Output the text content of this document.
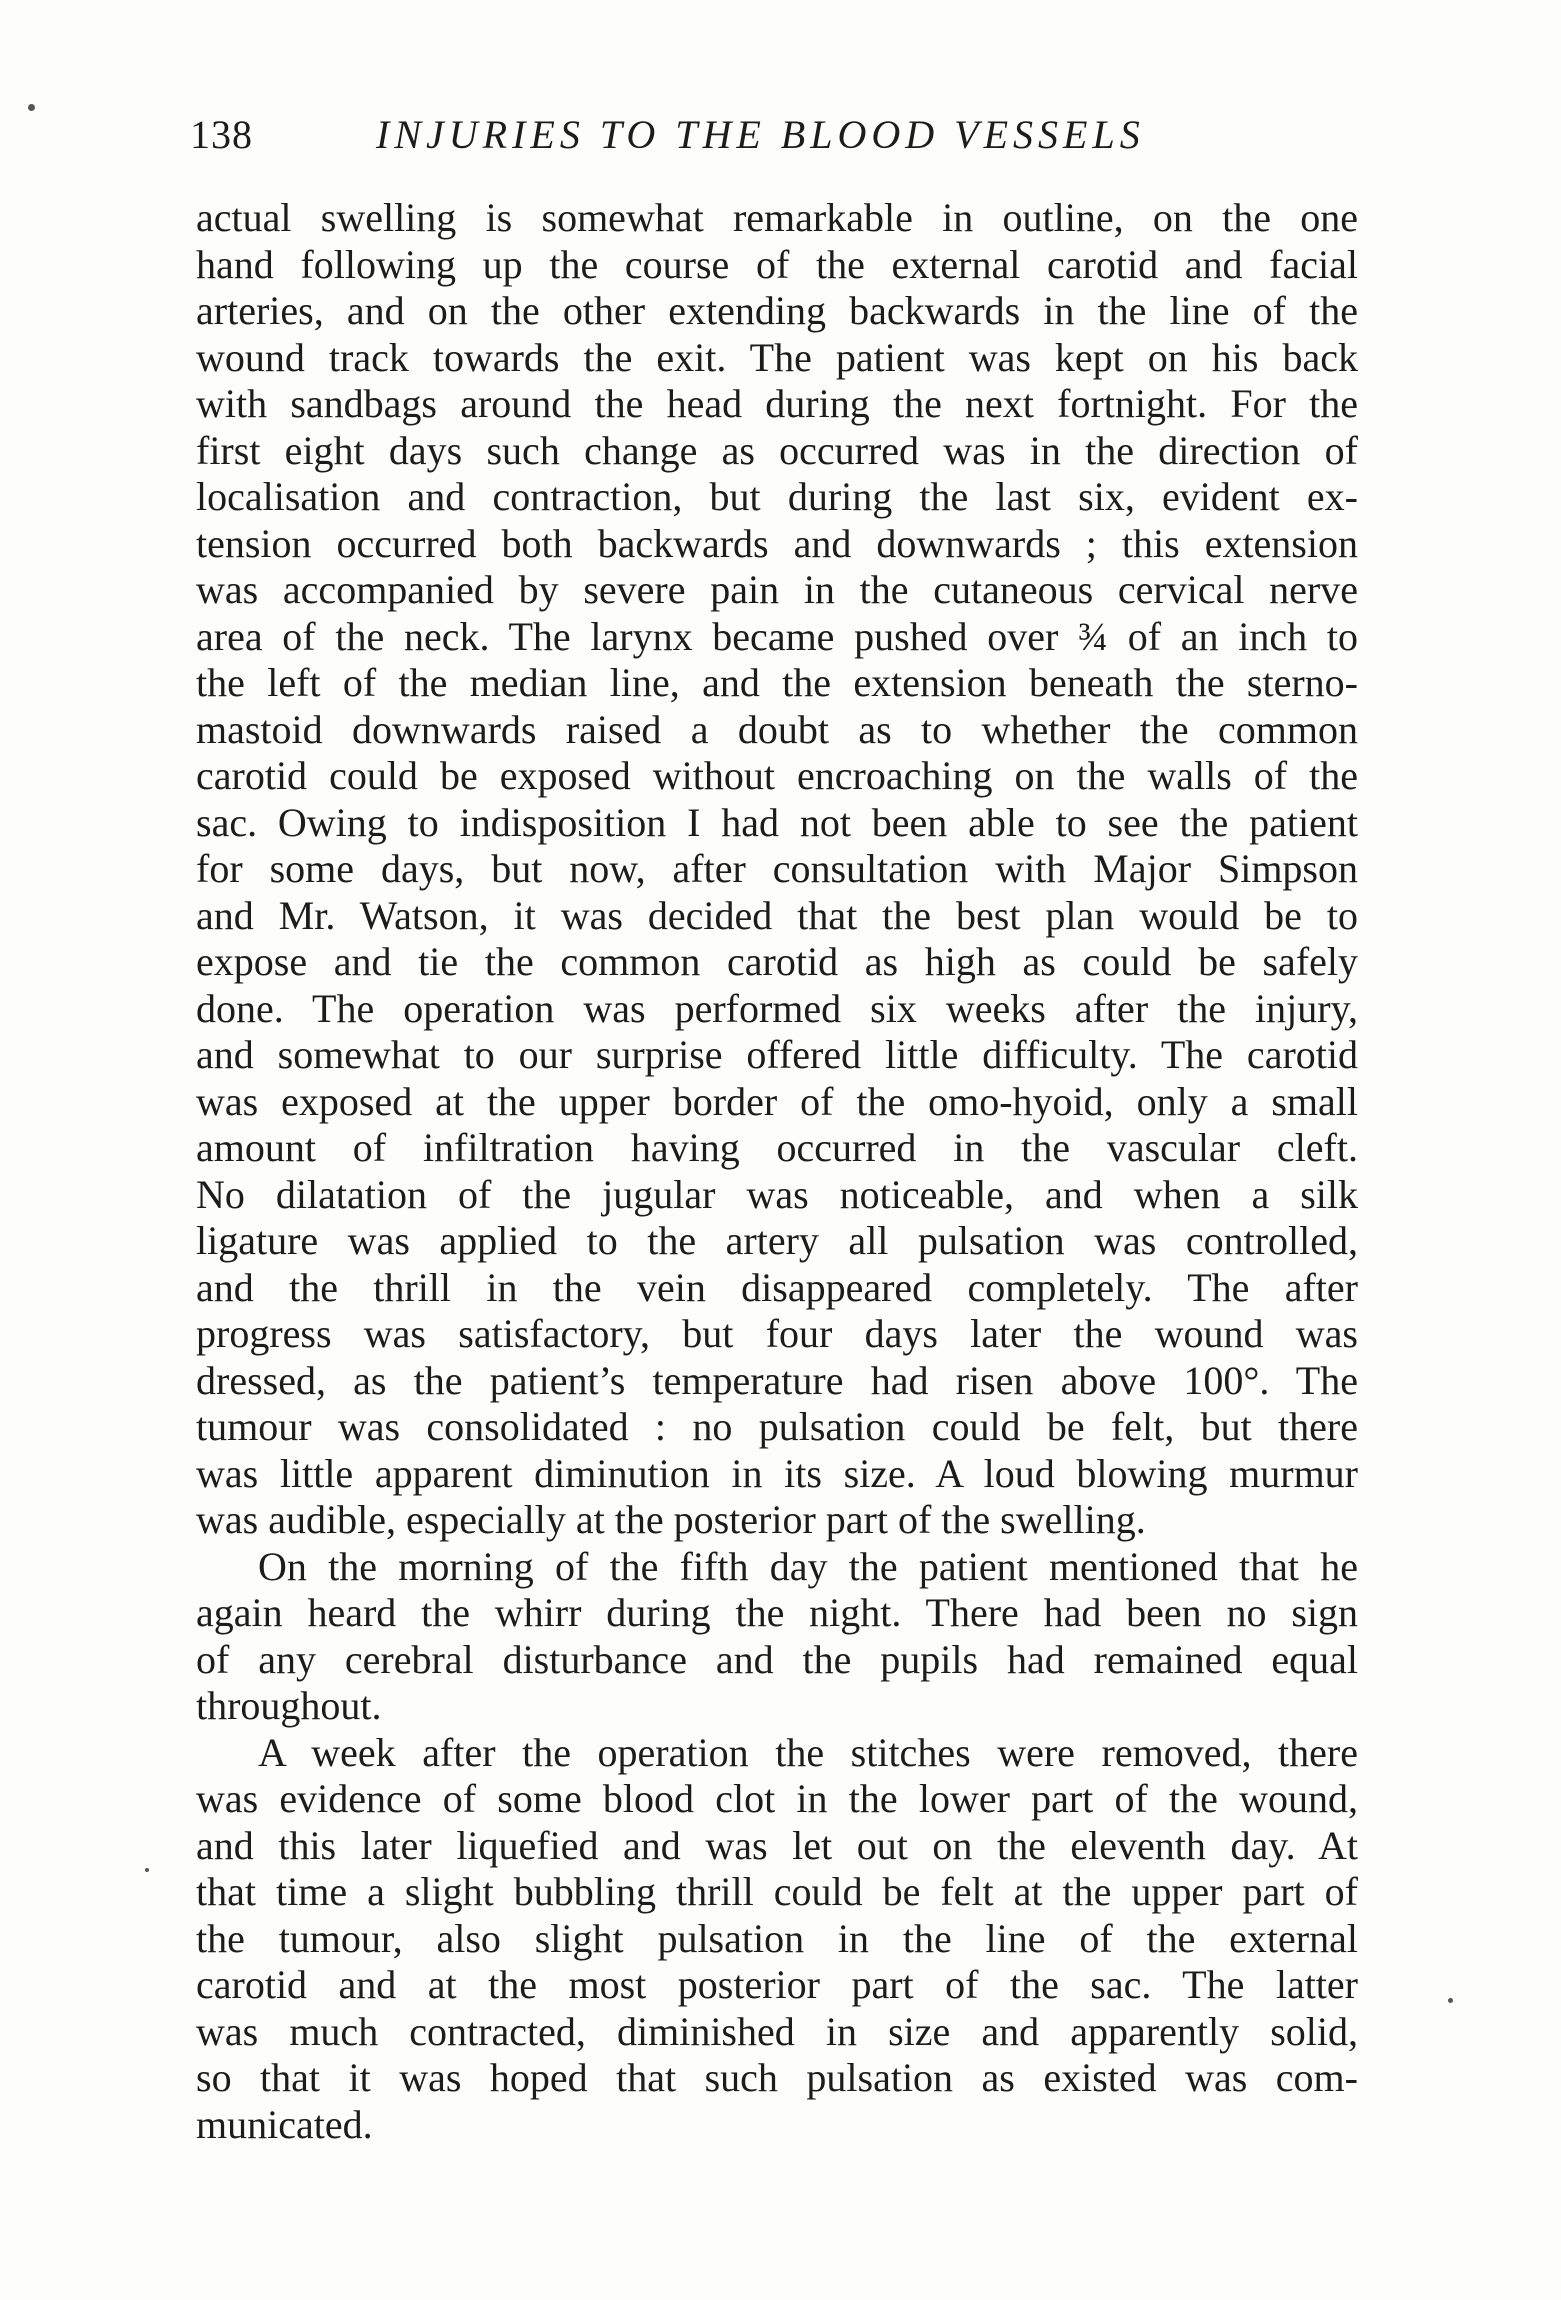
138	INJURIES TO THE BLOOD VESSELS
actual swelling is somewhat remarkable in outline, on the one
hand following up the course of the external carotid and facial
arteries, and on the other extending backwards in the line of the
wound track towards the exit. The patient was kept on his back
with sandbags around the head during the next fortnight. For the
first eight days such change as occurred was in the direction of
localisation and contraction, but during the last six, evident ex-
tension occurred both backwards and downwards ; this extension
was accompanied by severe pain in the cutaneous cervical nerve
area of the neck. The larynx became pushed over ¾ of an inch to
the left of the median line, and the extension beneath the sterno-
mastoid downwards raised a doubt as to whether the common
carotid could be exposed without encroaching on the walls of the
sac. Owing to indisposition I had not been able to see the patient
for some days, but now, after consultation with Major Simpson
and Mr. Watson, it was decided that the best plan would be to
expose and tie the common carotid as high as could be safely
done. The operation was performed six weeks after the injury,
and somewhat to our surprise offered little difficulty. The carotid
was exposed at the upper border of the omo-hyoid, only a small
amount of infiltration having occurred in the vascular cleft.
No dilatation of the jugular was noticeable, and when a silk
ligature was applied to the artery all pulsation was controlled,
and the thrill in the vein disappeared completely. The after
progress was satisfactory, but four days later the wound was
dressed, as the patient’s temperature had risen above 100°. The
tumour was consolidated : no pulsation could be felt, but there
was little apparent diminution in its size. A loud blowing murmur
was audible, especially at the posterior part of the swelling.
On the morning of the fifth day the patient mentioned that he
again heard the whirr during the night. There had been no sign
of any cerebral disturbance and the pupils had remained equal
throughout.
A week after the operation the stitches were removed, there
was evidence of some blood clot in the lower part of the wound,
and this later liquefied and was let out on the eleventh day. At
that time a slight bubbling thrill could be felt at the upper part of
the tumour, also slight pulsation in the line of the external
carotid and at the most posterior part of the sac. The latter
was much contracted, diminished in size and apparently solid,
so that it was hoped that such pulsation as existed was com-
municated.
